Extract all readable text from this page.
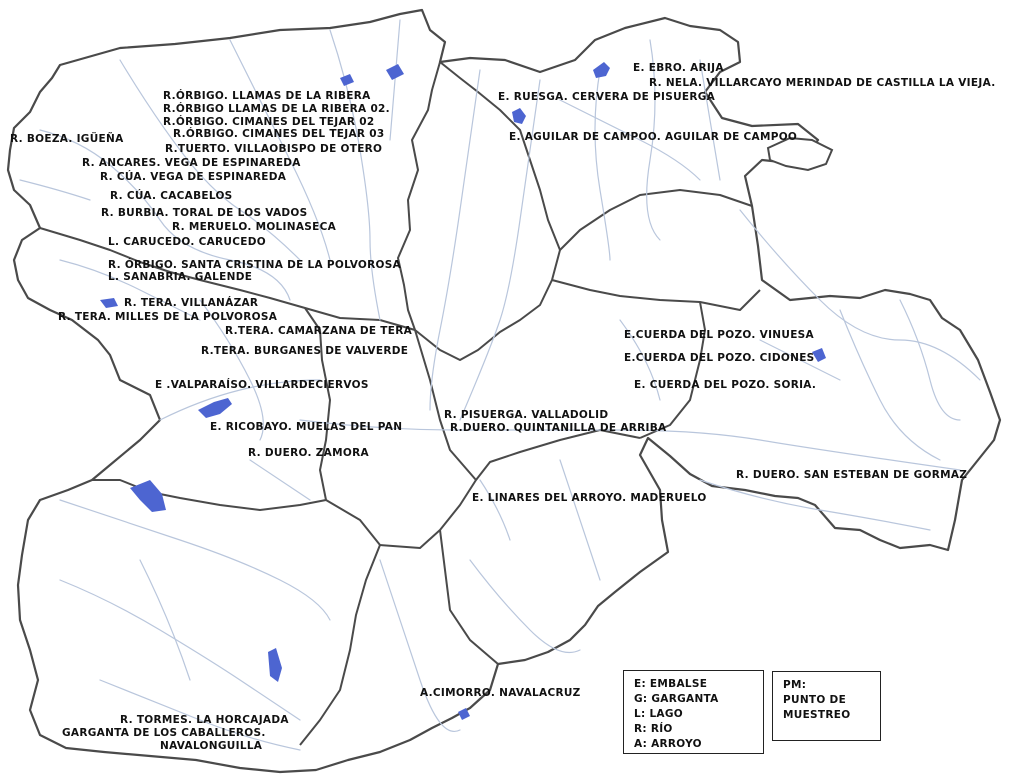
R.ÓRBIGO. LLAMAS DE LA RIBERA
R.ÓRBIGO LLAMAS DE LA RIBERA 02.
R.ÓRBIGO. CIMANES DEL TEJAR 02
R.ÓRBIGO. CIMANES DEL TEJAR 03
R. BOEZA. IGÜEÑA
R.TUERTO. VILLAOBISPO DE OTERO
R. ANCARES. VEGA DE ESPINAREDA
R. CÚA. VEGA DE ESPINAREDA
R. CÚA. CACABELOS
R. BURBIA. TORAL DE LOS VADOS
R. MERUELO. MOLINASECA
L. CARUCEDO. CARUCEDO
R. ÓRBIGO. SANTA CRISTINA DE LA POLVOROSA
L. SANABRIA. GALENDE
R. TERA. VILLANÁZAR
R. TERA. MILLES DE LA POLVOROSA
R.TERA. CAMARZANA DE TERA
R.TERA. BURGANES DE VALVERDE
E .VALPARAÍSO. VILLARDECIERVOS
E. RICOBAYO. MUELAS DEL PAN
R. DUERO. ZAMORA
E. EBRO. ARIJA
R. NELA. VILLARCAYO MERINDAD DE CASTILLA LA VIEJA.
E. RUESGA. CERVERA DE PISUERGA
E. AGUILAR DE CAMPOO. AGUILAR DE CAMPOO
E.CUERDA DEL POZO. VINUESA
E.CUERDA DEL POZO. CIDONES
E. CUERDA DEL POZO. SORIA.
R. PISUERGA. VALLADOLID
R.DUERO. QUINTANILLA DE ARRIBA
R. DUERO. SAN ESTEBAN DE GORMAZ
E. LINARES DEL ARROYO. MADERUELO
A.CIMORRO. NAVALACRUZ
R. TORMES. LA HORCAJADA
GARGANTA DE LOS CABALLEROS.
NAVALONGUILLA
E: EMBALSE
G: GARGANTA
L: LAGO
R: RÍO
A: ARROYO
PM:
PUNTO DE
MUESTREO
